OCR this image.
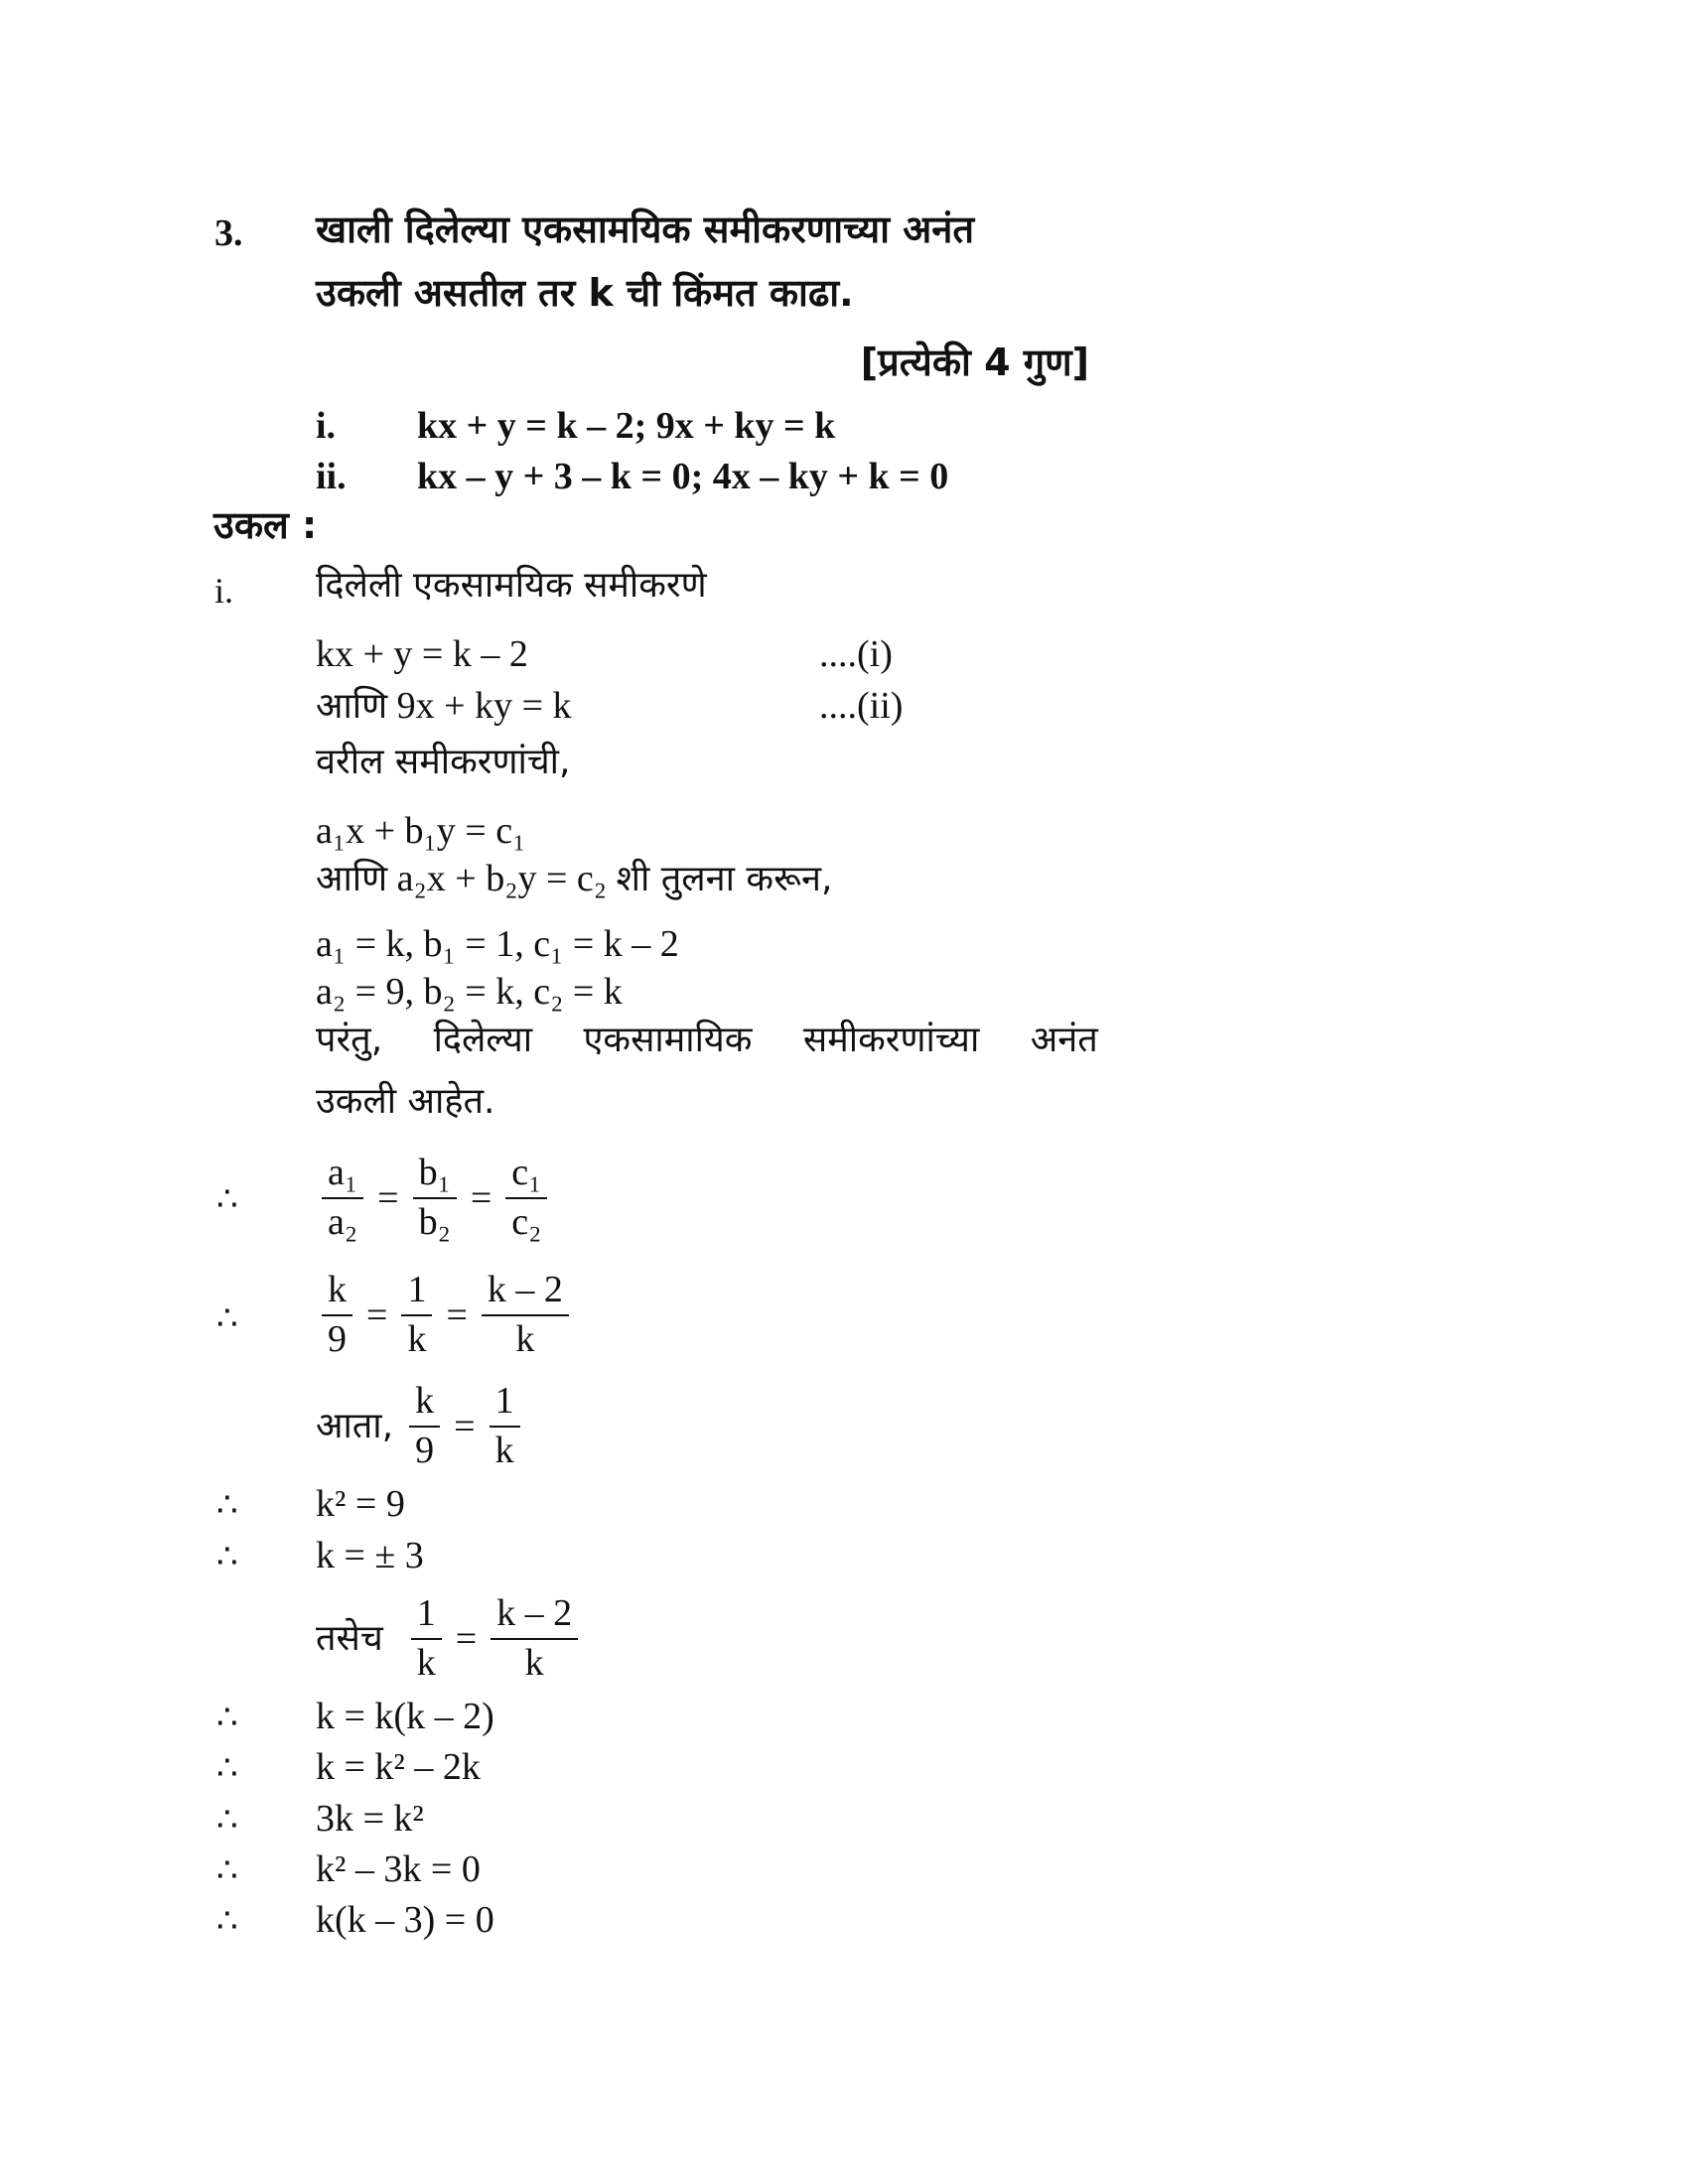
3. खाली दिलेल्या एकसामयिक समीकरणाच्या अनंत
उकली असतील तर k ची किंमत काढा.
[प्रत्येकी 4 गुण]
i. kx + y = k – 2; 9x + ky = k
ii. kx – y + 3 – k = 0; 4x – ky + k = 0
उकल :
i. दिलेली एकसामयिक समीकरणे
kx + y = k – 2	....(i)
आणि 9x + ky = k	....(ii)
वरील समीकरणांची,
a₁x + b₁y = c₁
आणि a₂x + b₂y = c₂ शी तुलना करून,
a₁ = k, b₁ = 1, c₁ = k – 2
a₂ = 9, b₂ = k, c₂ = k
परंतु, दिलेल्या एकसामायिक समीकरणांच्या अनंत
उकली आहेत.
∴ $\frac{\text{a₁}}{\text{a₂}} = \frac{\text{b₁}}{\text{b₂}} = \frac{\text{c₁}}{\text{c₂}}$
∴ $\frac{k}{9} = \frac{1}{k} = \frac{k - 2}{k}$
आता, $\frac{k}{9} = \frac{1}{k}$
∴ k² = 9
∴ k = ± 3
तसेच $\frac{1}{k} = \frac{k - 2}{k}$
∴ k = k(k – 2)
∴ k = k² – 2k
∴ 3k = k²
∴ k² – 3k = 0
∴ k(k – 3) = 0
